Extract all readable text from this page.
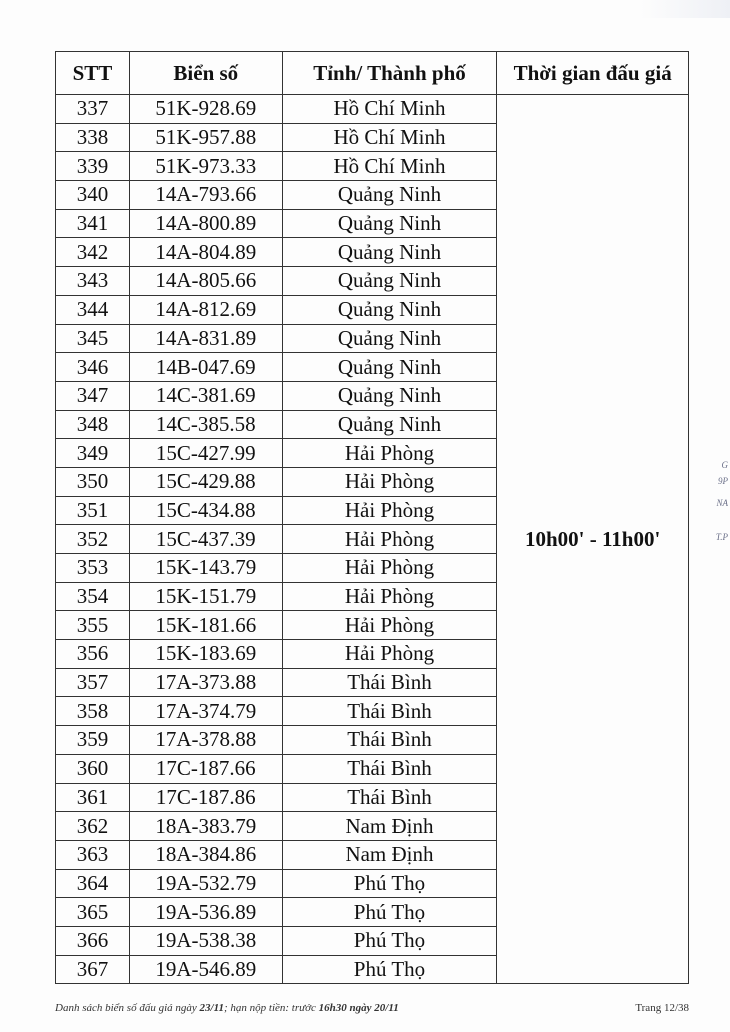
STT	Biển số	Tỉnh/ Thành phố	Thời gian đấu giá
337	51K-928.69	Hồ Chí Minh	10h00' - 11h00'
338	51K-957.88	Hồ Chí Minh	
339	51K-973.33	Hồ Chí Minh	
340	14A-793.66	Quảng Ninh	
341	14A-800.89	Quảng Ninh	
342	14A-804.89	Quảng Ninh	
343	14A-805.66	Quảng Ninh	
344	14A-812.69	Quảng Ninh	
345	14A-831.89	Quảng Ninh	
346	14B-047.69	Quảng Ninh	
347	14C-381.69	Quảng Ninh	
348	14C-385.58	Quảng Ninh	
349	15C-427.99	Hải Phòng	
350	15C-429.88	Hải Phòng	
351	15C-434.88	Hải Phòng	
352	15C-437.39	Hải Phòng	
353	15K-143.79	Hải Phòng	
354	15K-151.79	Hải Phòng	
355	15K-181.66	Hải Phòng	
356	15K-183.69	Hải Phòng	
357	17A-373.88	Thái Bình	
358	17A-374.79	Thái Bình	
359	17A-378.88	Thái Bình	
360	17C-187.66	Thái Bình	
361	17C-187.86	Thái Bình	
362	18A-383.79	Nam Định	
363	18A-384.86	Nam Định	
364	19A-532.79	Phú Thọ	
365	19A-536.89	Phú Thọ	
366	19A-538.38	Phú Thọ	
367	19A-546.89	Phú Thọ	
Danh sách biển số đấu giá ngày 23/11; hạn nộp tiền: trước 16h30 ngày 20/11	Trang 12/38
G
9P
NA
T.P
